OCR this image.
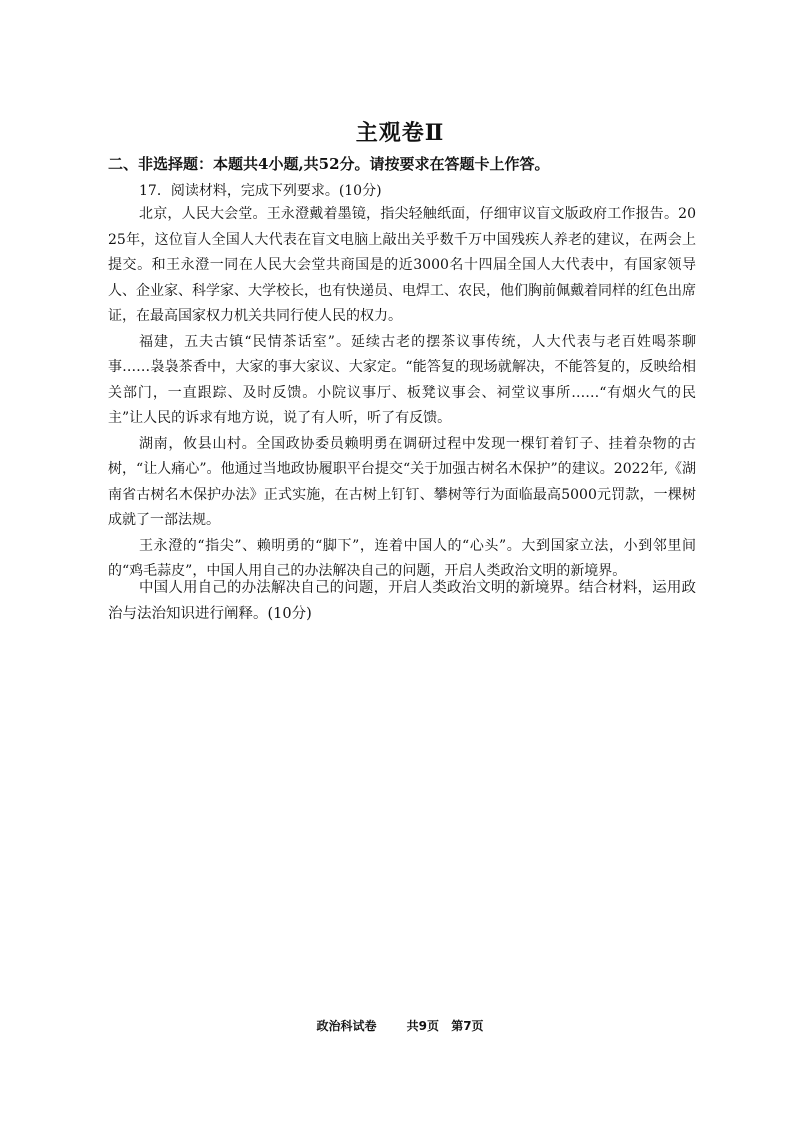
主观卷Ⅱ
二、非选择题：本题共4小题,共52分。请按要求在答题卡上作答。
17．阅读材料，完成下列要求。(10分)

北京，人民大会堂。王永澄戴着墨镜，指尖轻触纸面，仔细审议盲文版政府工作报告。2025年，这位盲人全国人大代表在盲文电脑上敲出关乎数千万中国残疾人养老的建议，在两会上提交。和王永澄一同在人民大会堂共商国是的近3000名十四届全国人大代表中，有国家领导人、企业家、科学家、大学校长，也有快递员、电焊工、农民，他们胸前佩戴着同样的红色出席证，在最高国家权力机关共同行使人民的权力。

福建，五夫古镇“民情茶话室”。延续古老的摆茶议事传统，人大代表与老百姓喝茶聊事……袅袅茶香中，大家的事大家议、大家定。“能答复的现场就解决，不能答复的，反映给相关部门，一直跟踪、及时反馈。小院议事厅、板凳议事会、祠堂议事所……“有烟火气的民主”让人民的诉求有地方说，说了有人听，听了有反馈。

湖南，攸县山村。全国政协委员赖明勇在调研过程中发现一棵钉着钉子、挂着杂物的古树，“让人痛心”。他通过当地政协履职平台提交“关于加强古树名木保护”的建议。2022年,《湖南省古树名木保护办法》正式实施，在古树上钉钉、攀树等行为面临最高5000元罚款，一棵树成就了一部法规。

王永澄的“指尖”、赖明勇的“脚下”，连着中国人的“心头”。大到国家立法，小到邻里间的“鸡毛蒜皮”，中国人用自己的办法解决自己的问题，开启人类政治文明的新境界。

中国人用自己的办法解决自己的问题，开启人类政治文明的新境界。结合材料，运用政治与法治知识进行阐释。(10分)

政治科试卷	共9页 第7页
